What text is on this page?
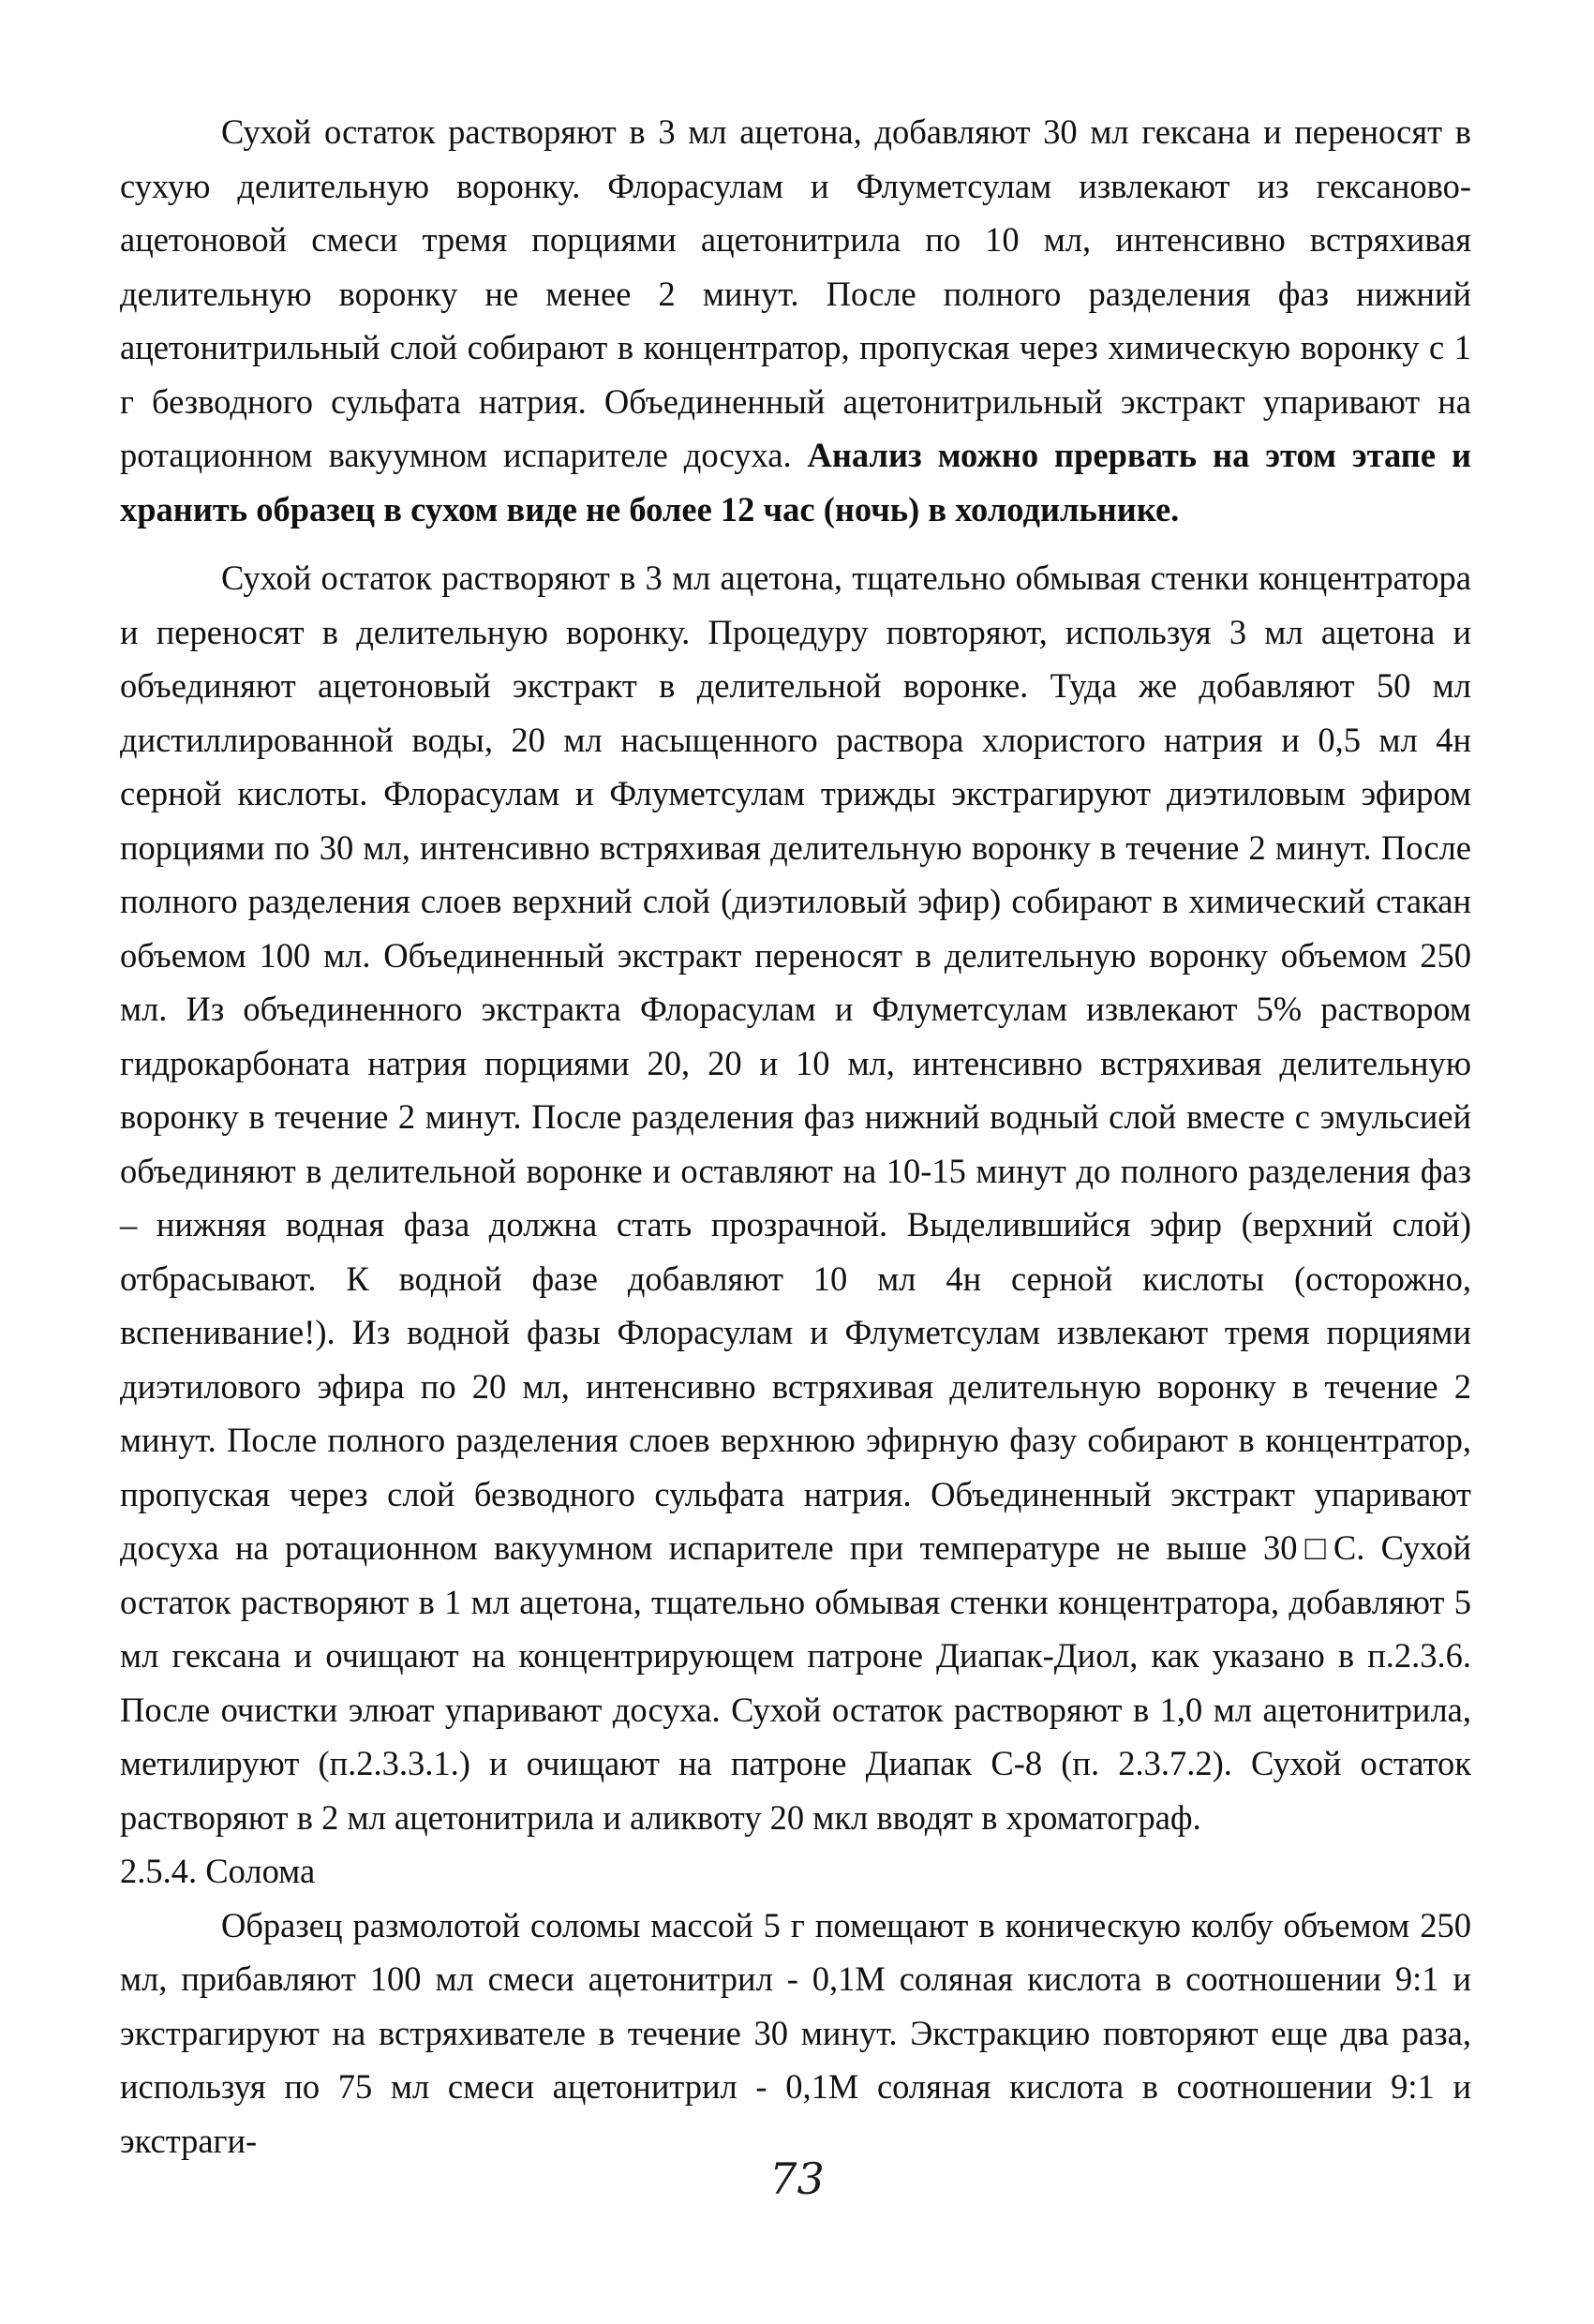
Сухой остаток растворяют в 3 мл ацетона, добавляют 30 мл гексана и переносят в сухую делительную воронку. Флорасулам и Флуметсулам извлекают из гексаново-ацетоновой смеси тремя порциями ацетонитрила по 10 мл, интенсивно встряхивая делительную воронку не менее 2 минут. После полного разделения фаз нижний ацетонитрильный слой собирают в концентратор, пропуская через химическую воронку с 1 г безводного сульфата натрия. Объединенный ацетонитрильный экстракт упаривают на ротационном вакуумном испарителе досуха. Анализ можно прервать на этом этапе и хранить образец в сухом виде не более 12 час (ночь) в холодильнике.

Сухой остаток растворяют в 3 мл ацетона, тщательно обмывая стенки концентратора и переносят в делительную воронку. Процедуру повторяют, используя 3 мл ацетона и объединяют ацетоновый экстракт в делительной воронке. Туда же добавляют 50 мл дистиллированной воды, 20 мл насыщенного раствора хлористого натрия и 0,5 мл 4н серной кислоты. Флорасулам и Флуметсулам трижды экстрагируют диэтиловым эфиром порциями по 30 мл, интенсивно встряхивая делительную воронку в течение 2 минут. После полного разделения слоев верхний слой (диэтиловый эфир) собирают в химический стакан объемом 100 мл. Объединенный экстракт переносят в делительную воронку объемом 250 мл. Из объединенного экстракта Флорасулам и Флуметсулам извлекают 5% раствором гидрокарбоната натрия порциями 20, 20 и 10 мл, интенсивно встряхивая делительную воронку в течение 2 минут. После разделения фаз нижний водный слой вместе с эмульсией объединяют в делительной воронке и оставляют на 10-15 минут до полного разделения фаз – нижняя водная фаза должна стать прозрачной. Выделившийся эфир (верхний слой) отбрасывают. К водной фазе добавляют 10 мл 4н серной кислоты (осторожно, вспенивание!). Из водной фазы Флорасулам и Флуметсулам извлекают тремя порциями диэтилового эфира по 20 мл, интенсивно встряхивая делительную воронку в течение 2 минут. После полного разделения слоев верхнюю эфирную фазу собирают в концентратор, пропуская через слой безводного сульфата натрия. Объединенный экстракт упаривают досуха на ротационном вакуумном испарителе при температуре не выше 30□С. Сухой остаток растворяют в 1 мл ацетона, тщательно обмывая стенки концентратора, добавляют 5 мл гексана и очищают на концентрирующем патроне Диапак-Диол, как указано в п.2.3.6. После очистки элюат упаривают досуха. Сухой остаток растворяют в 1,0 мл ацетонитрила, метилируют (п.2.3.3.1.) и очищают на патроне Диапак С-8 (п. 2.3.7.2). Сухой остаток растворяют в 2 мл ацетонитрила и аликвоту 20 мкл вводят в хроматограф.

2.5.4. Солома

Образец размолотой соломы массой 5 г помещают в коническую колбу объемом 250 мл, прибавляют 100 мл смеси ацетонитрил - 0,1М соляная кислота в соотношении 9:1 и экстрагируют на встряхивателе в течение 30 минут. Экстракцию повторяют еще два раза, используя по 75 мл смеси ацетонитрил - 0,1М соляная кислота в соотношении 9:1 и экстраги-

73
